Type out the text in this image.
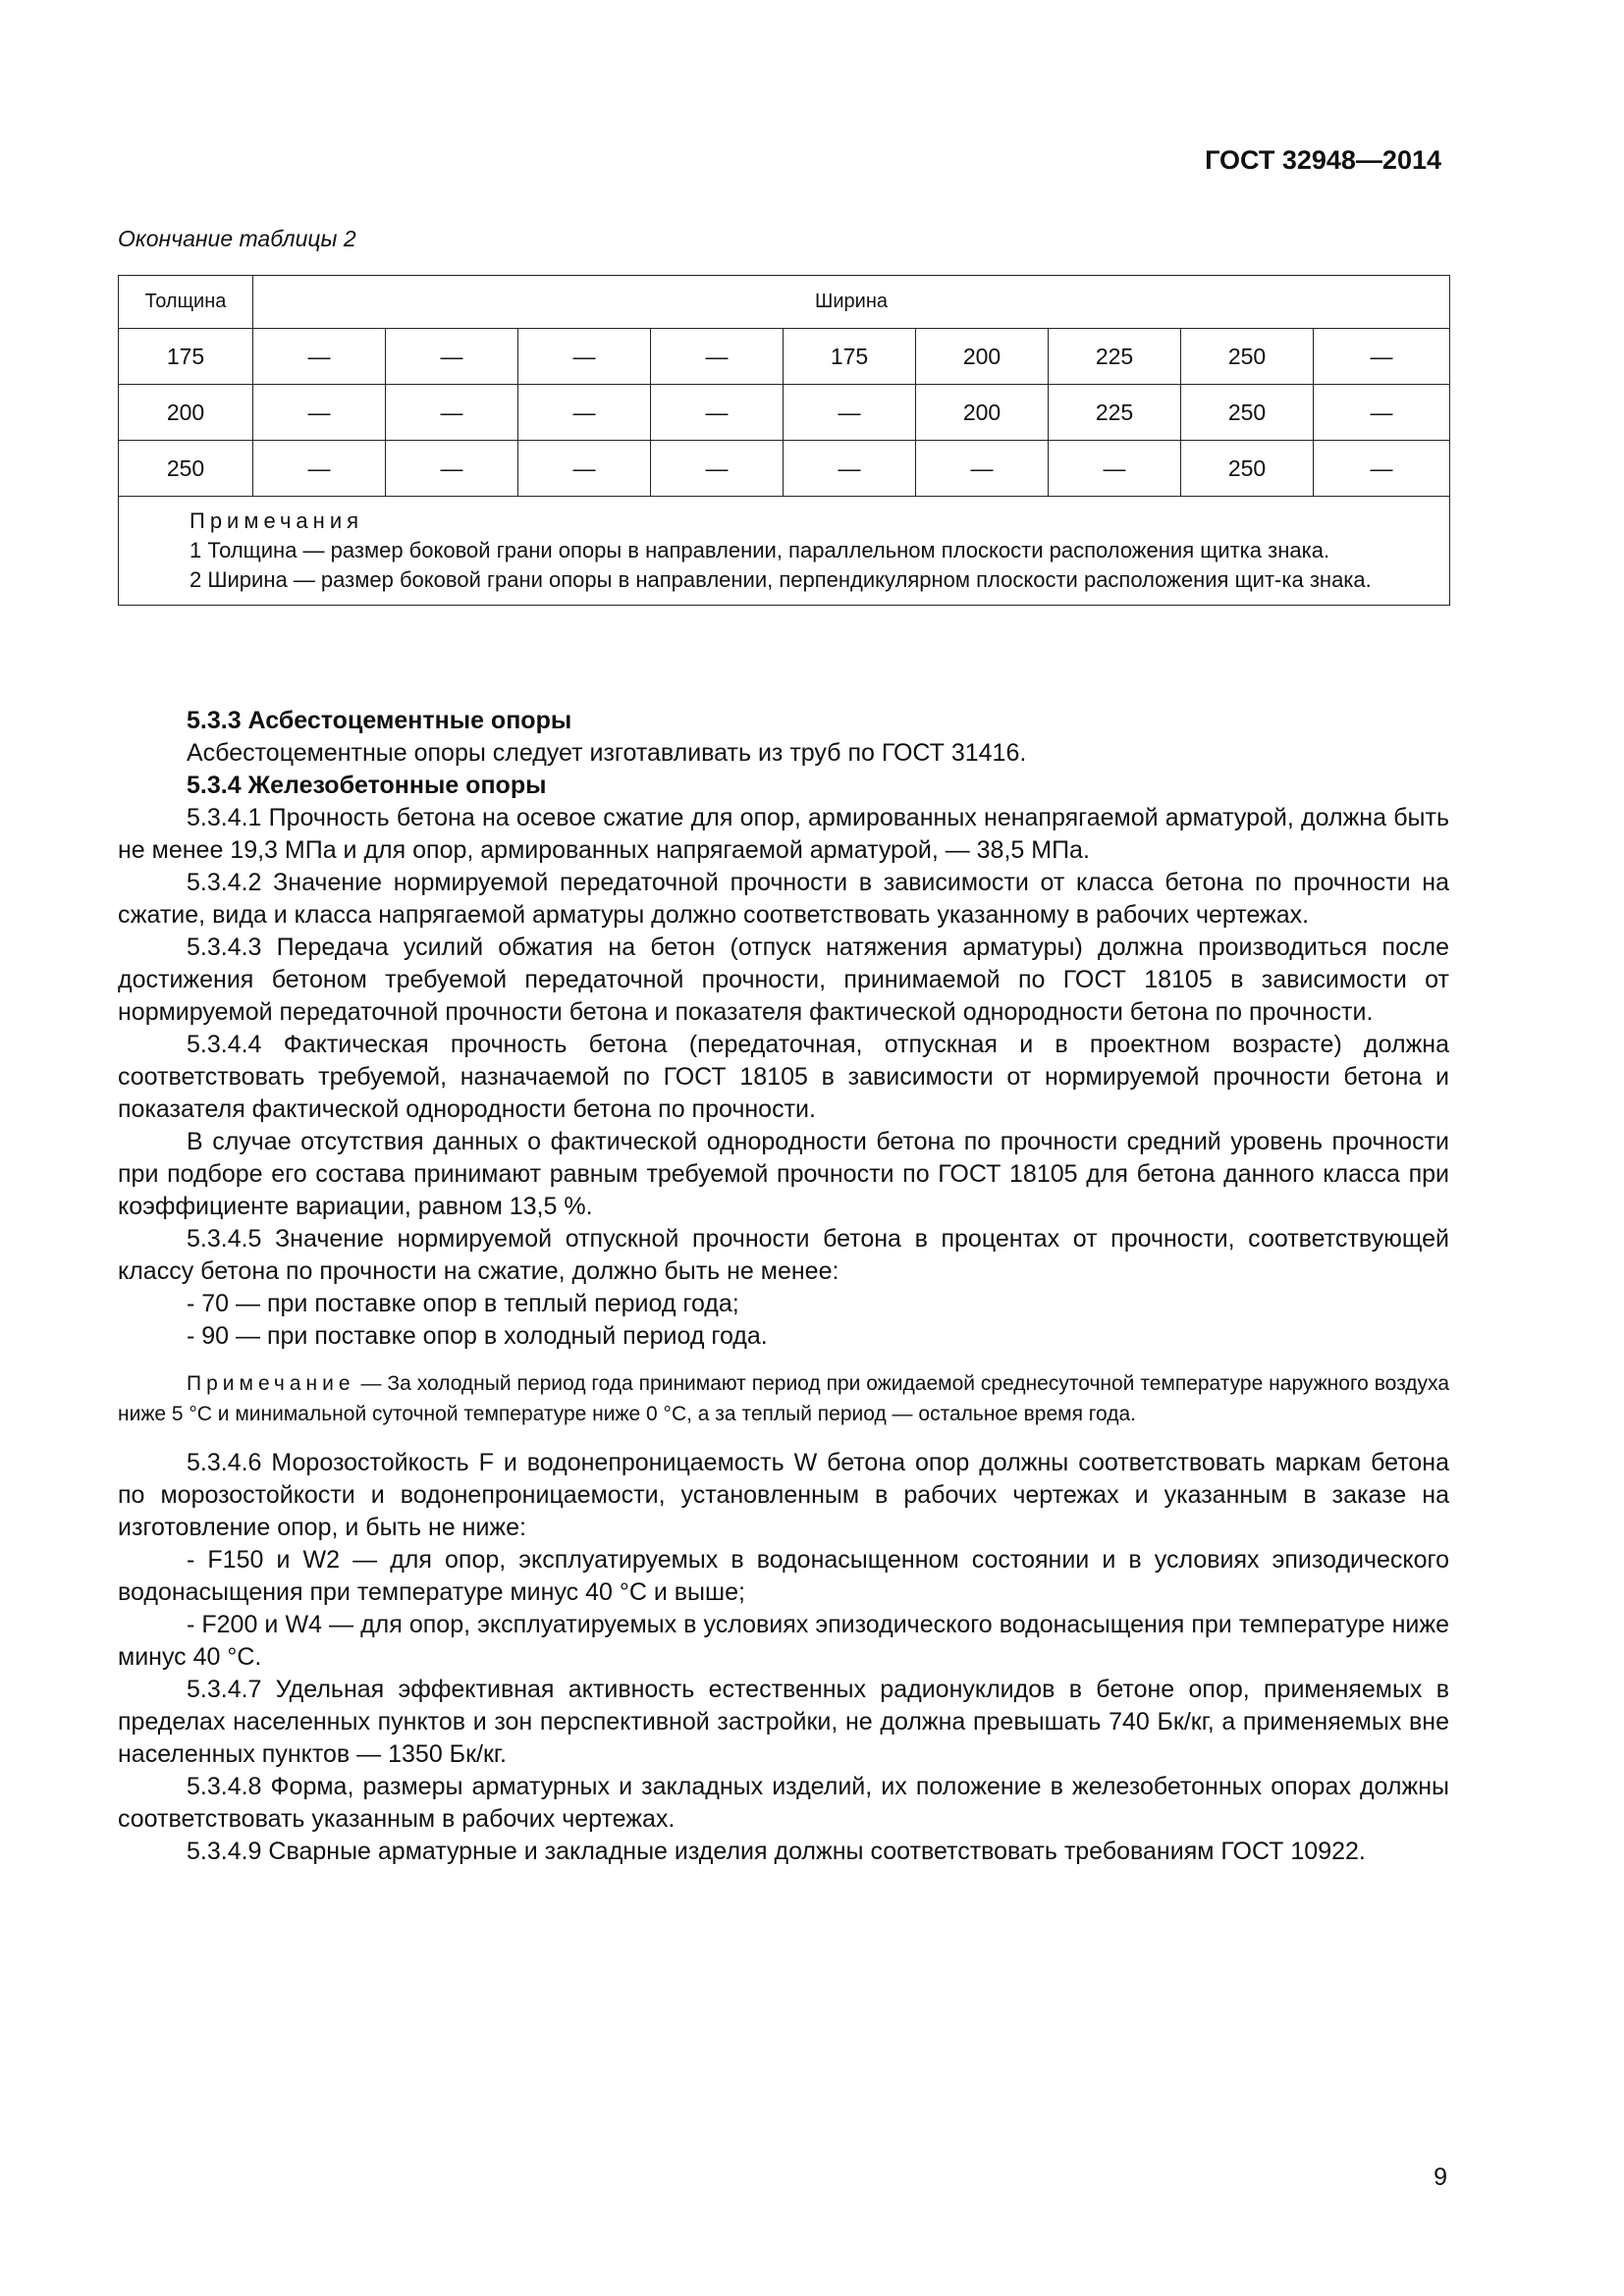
ГОСТ 32948—2014
Окончание таблицы 2
Толщина	Ширина								
175	—	—	—	—	175	200	225	250	—
200	—	—	—	—	—	200	225	250	—
250	—	—	—	—	—	—	—	250	—

Примечания
1 Толщина — размер боковой грани опоры в направлении, параллельном плоскости расположения щитка знака.
2 Ширина — размер боковой грани опоры в направлении, перпендикулярном плоскости расположения щит-ка знака.									

5.3.3 Асбестоцементные опоры

Асбестоцементные опоры следует изготавливать из труб по ГОСТ 31416.

5.3.4 Железобетонные опоры

5.3.4.1 Прочность бетона на осевое сжатие для опор, армированных ненапрягаемой арматурой, должна быть не менее 19,3 МПа и для опор, армированных напрягаемой арматурой, — 38,5 МПа.

5.3.4.2 Значение нормируемой передаточной прочности в зависимости от класса бетона по прочности на сжатие, вида и класса напрягаемой арматуры должно соответствовать указанному в рабочих чертежах.

5.3.4.3 Передача усилий обжатия на бетон (отпуск натяжения арматуры) должна производиться после достижения бетоном требуемой передаточной прочности, принимаемой по ГОСТ 18105 в зависимости от нормируемой передаточной прочности бетона и показателя фактической однородности бетона по прочности.

5.3.4.4 Фактическая прочность бетона (передаточная, отпускная и в проектном возрасте) должна соответствовать требуемой, назначаемой по ГОСТ 18105 в зависимости от нормируемой прочности бетона и показателя фактической однородности бетона по прочности.

В случае отсутствия данных о фактической однородности бетона по прочности средний уровень прочности при подборе его состава принимают равным требуемой прочности по ГОСТ 18105 для бетона данного класса при коэффициенте вариации, равном 13,5 %.

5.3.4.5 Значение нормируемой отпускной прочности бетона в процентах от прочности, соответствующей классу бетона по прочности на сжатие, должно быть не менее:

- 70 — при поставке опор в теплый период года;

- 90 — при поставке опор в холодный период года.

Примечание — За холодный период года принимают период при ожидаемой среднесуточной температуре наружного воздуха ниже 5 °С и минимальной суточной температуре ниже 0 °С, а за теплый период — остальное время года.

5.3.4.6 Морозостойкость F и водонепроницаемость W бетона опор должны соответствовать маркам бетона по морозостойкости и водонепроницаемости, установленным в рабочих чертежах и указанным в заказе на изготовление опор, и быть не ниже:

- F150 и W2 — для опор, эксплуатируемых в водонасыщенном состоянии и в условиях эпизодического водонасыщения при температуре минус 40 °С и выше;

- F200 и W4 — для опор, эксплуатируемых в условиях эпизодического водонасыщения при температуре ниже минус 40 °С.

5.3.4.7 Удельная эффективная активность естественных радионуклидов в бетоне опор, применяемых в пределах населенных пунктов и зон перспективной застройки, не должна превышать 740 Бк/кг, а применяемых вне населенных пунктов — 1350 Бк/кг.

5.3.4.8 Форма, размеры арматурных и закладных изделий, их положение в железобетонных опорах должны соответствовать указанным в рабочих чертежах.

5.3.4.9 Сварные арматурные и закладные изделия должны соответствовать требованиям ГОСТ 10922.

9
